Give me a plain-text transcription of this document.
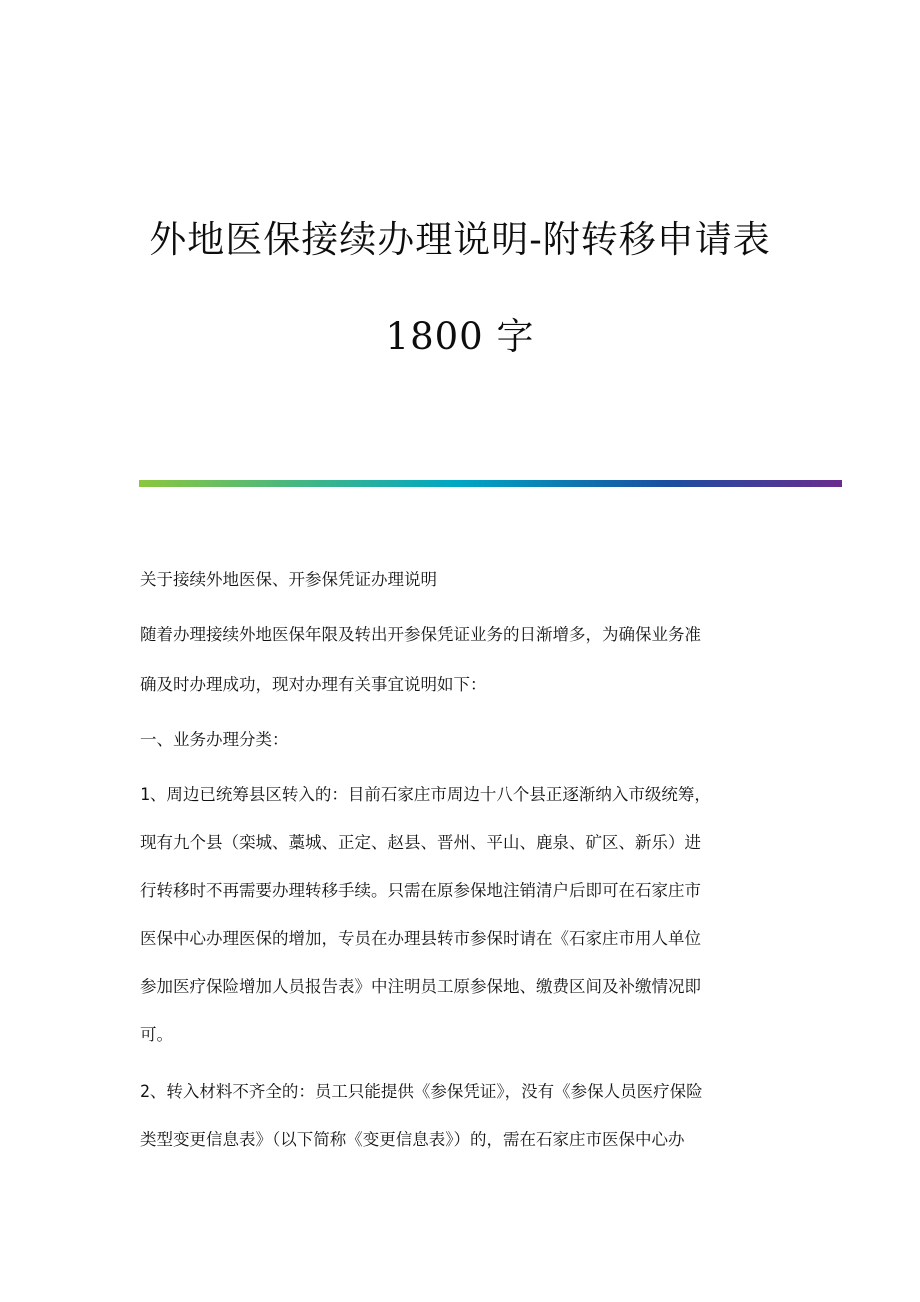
外地医保接续办理说明-附转移申请表
1800 字
关于接续外地医保、开参保凭证办理说明
随着办理接续外地医保年限及转出开参保凭证业务的日渐增多，为确保业务准
确及时办理成功，现对办理有关事宜说明如下：
一、业务办理分类：
1、周边已统筹县区转入的：目前石家庄市周边十八个县正逐渐纳入市级统筹，
现有九个县（栾城、藁城、正定、赵县、晋州、平山、鹿泉、矿区、新乐）进
行转移时不再需要办理转移手续。只需在原参保地注销清户后即可在石家庄市
医保中心办理医保的增加，专员在办理县转市参保时请在《石家庄市用人单位
参加医疗保险增加人员报告表》中注明员工原参保地、缴费区间及补缴情况即
可。
2、转入材料不齐全的：员工只能提供《参保凭证》，没有《参保人员医疗保险
类型变更信息表》（以下简称《变更信息表》）的，需在石家庄市医保中心办
